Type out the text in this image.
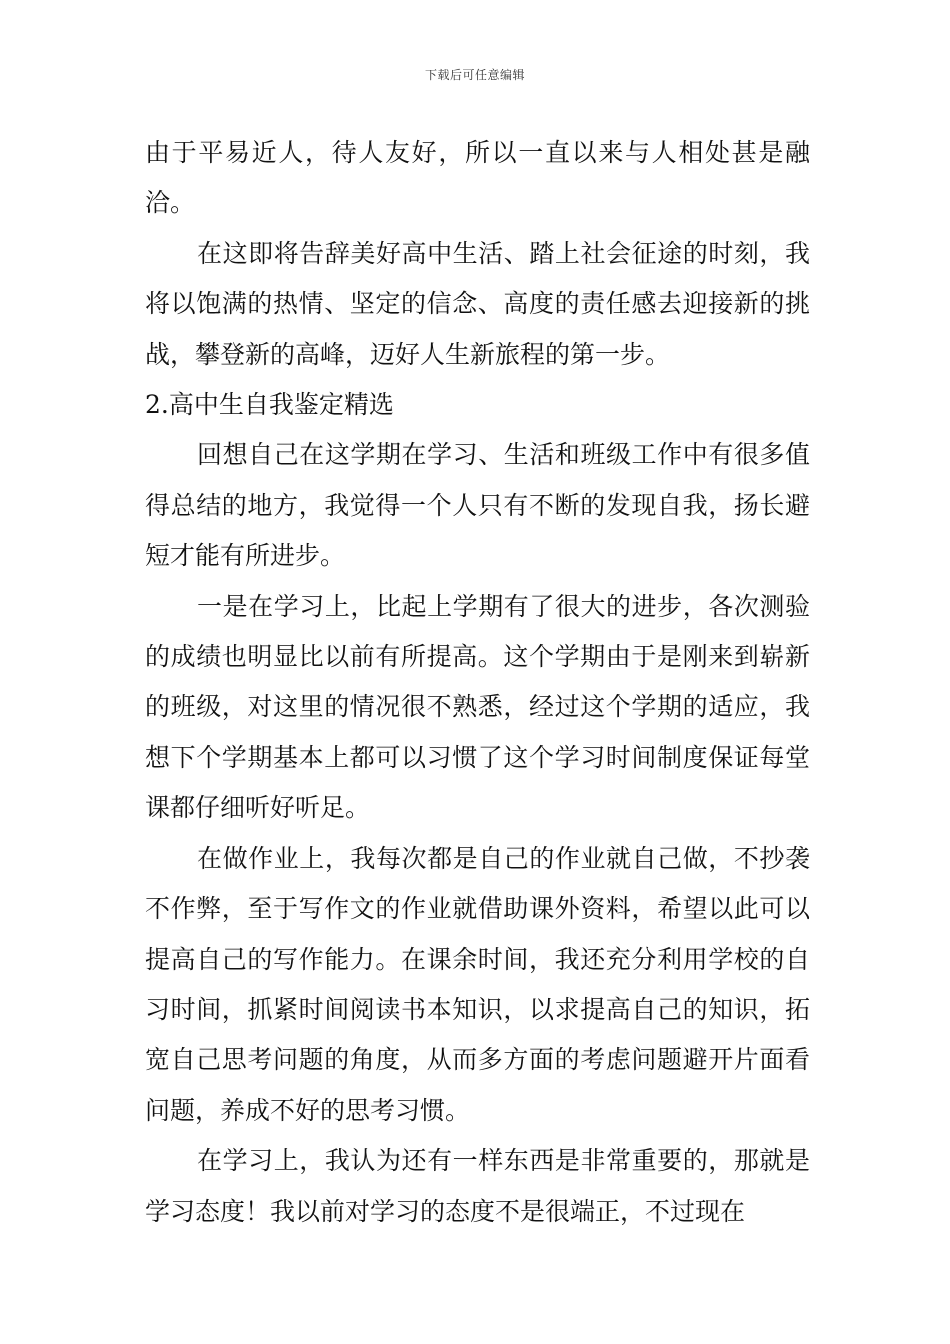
下载后可任意编辑

由于平易近人，待人友好，所以一直以来与人相处甚是融洽。

在这即将告辞美好高中生活、踏上社会征途的时刻，我将以饱满的热情、坚定的信念、高度的责任感去迎接新的挑战，攀登新的高峰，迈好人生新旅程的第一步。

2.高中生自我鉴定精选

回想自己在这学期在学习、生活和班级工作中有很多值得总结的地方，我觉得一个人只有不断的发现自我，扬长避短才能有所进步。

一是在学习上，比起上学期有了很大的进步，各次测验的成绩也明显比以前有所提高。这个学期由于是刚来到崭新的班级，对这里的情况很不熟悉，经过这个学期的适应，我想下个学期基本上都可以习惯了这个学习时间制度保证每堂课都仔细听好听足。

在做作业上，我每次都是自己的作业就自己做，不抄袭不作弊，至于写作文的作业就借助课外资料，希望以此可以提高自己的写作能力。在课余时间，我还充分利用学校的自习时间，抓紧时间阅读书本知识，以求提高自己的知识，拓宽自己思考问题的角度，从而多方面的考虑问题避开片面看问题，养成不好的思考习惯。

在学习上，我认为还有一样东西是非常重要的，那就是学习态度！我以前对学习的态度不是很端正，不过现在
